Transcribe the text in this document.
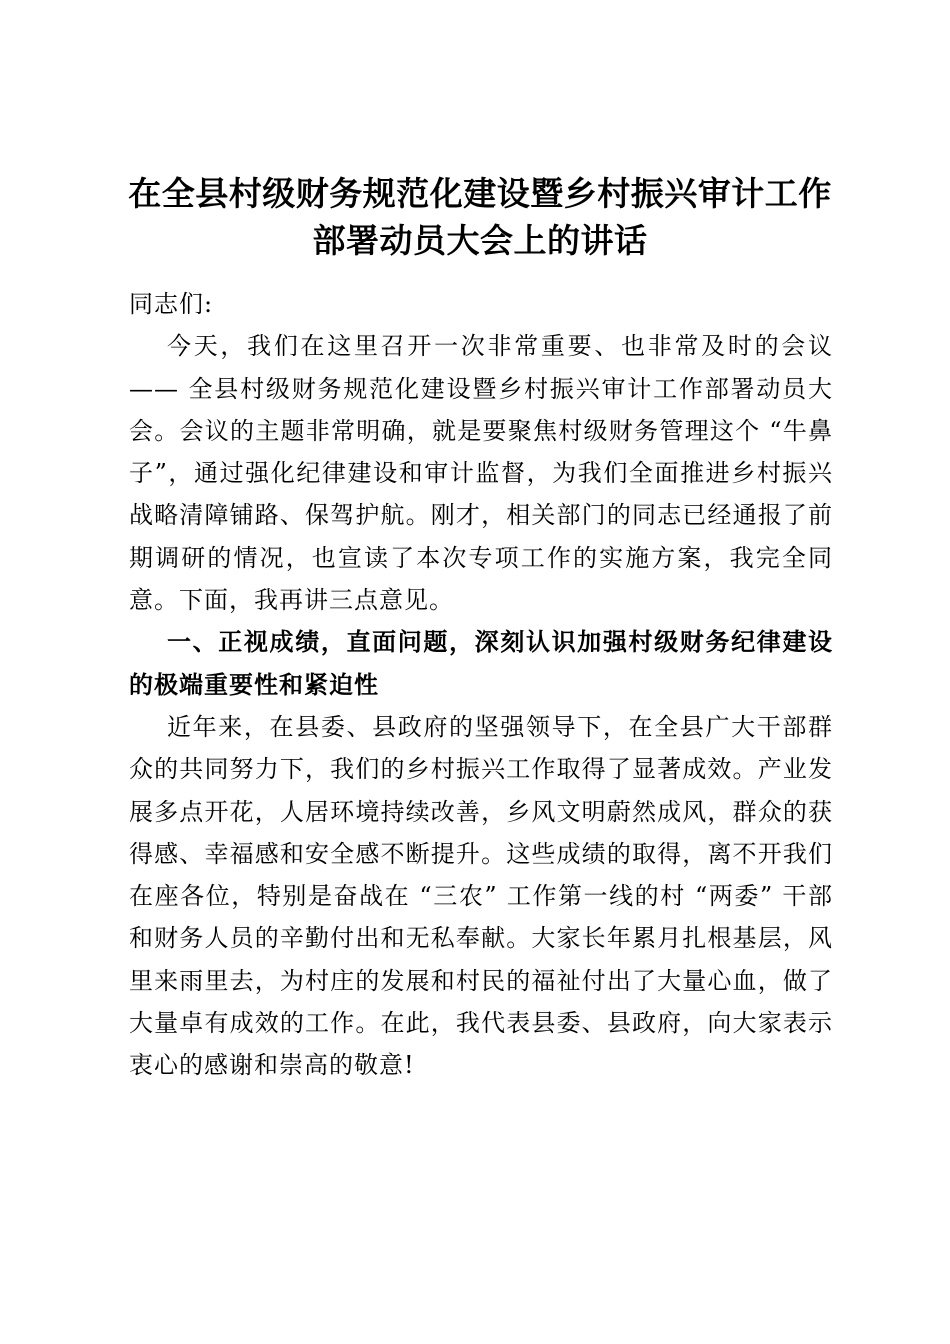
在全县村级财务规范化建设暨乡村振兴审计工作部署动员大会上的讲话

同志们:

今天，我们在这里召开一次非常重要、也非常及时的会议—— 全县村级财务规范化建设暨乡村振兴审计工作部署动员大会。会议的主题非常明确，就是要聚焦村级财务管理这个 “牛鼻子”，通过强化纪律建设和审计监督，为我们全面推进乡村振兴战略清障铺路、保驾护航。刚才，相关部门的同志已经通报了前期调研的情况，也宣读了本次专项工作的实施方案，我完全同意。下面，我再讲三点意见。

一、正视成绩，直面问题，深刻认识加强村级财务纪律建设的极端重要性和紧迫性

近年来，在县委、县政府的坚强领导下，在全县广大干部群众的共同努力下，我们的乡村振兴工作取得了显著成效。产业发展多点开花，人居环境持续改善，乡风文明蔚然成风，群众的获得感、幸福感和安全感不断提升。这些成绩的取得，离不开我们在座各位，特别是奋战在 “三农” 工作第一线的村 “两委” 干部和财务人员的辛勤付出和无私奉献。大家长年累月扎根基层，风里来雨里去，为村庄的发展和村民的福祉付出了大量心血，做了大量卓有成效的工作。在此，我代表县委、县政府，向大家表示衷心的感谢和崇高的敬意!
